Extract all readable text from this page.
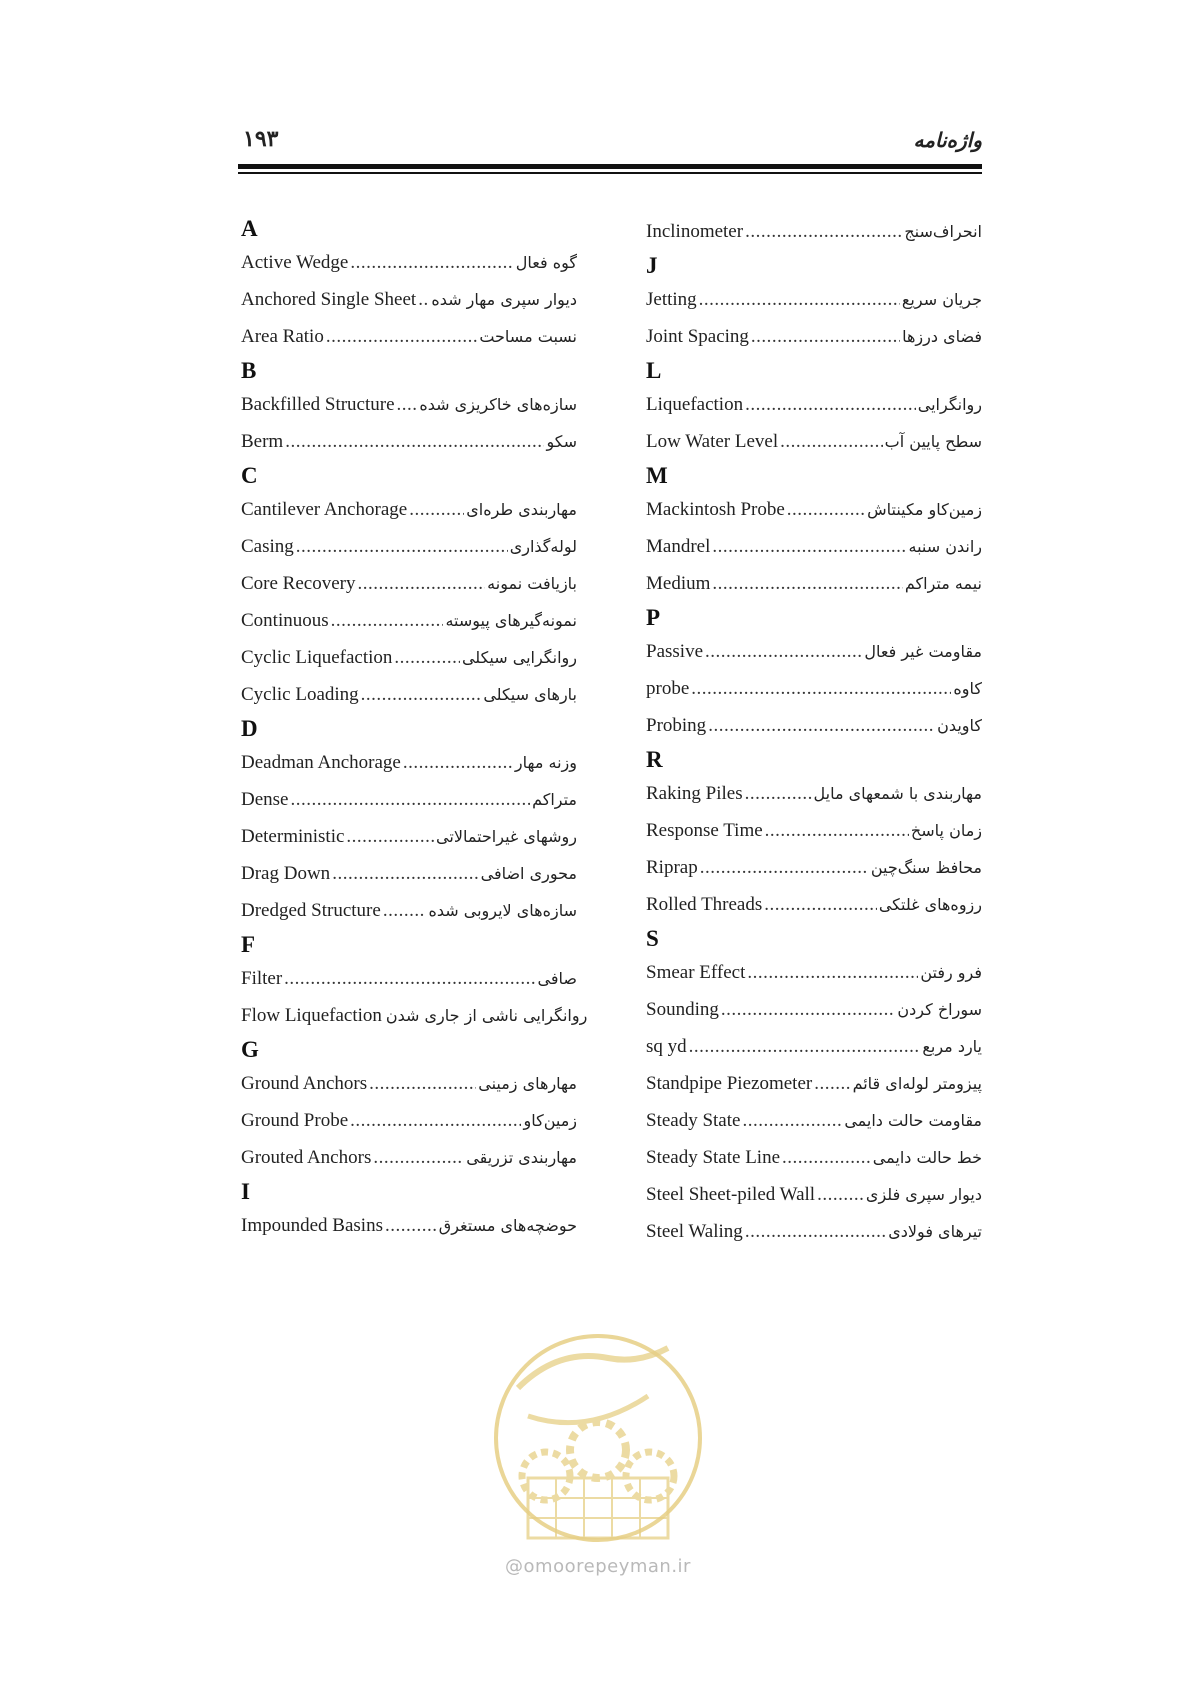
۱۹۳	واژه‌نامه
A
Active Wedge .....	گوه فعال
Anchored Single Sheet ..... دیوار سپری مهار شده
Area Ratio .....	نسبت مساحت
B
Backfilled Structure ..... سازه‌های خاکریزی شده
Berm .....	سکو
C
Cantilever Anchorage .....	مهاربندی طره‌ای
Casing .....	لوله‌گذاری
Core Recovery .....	بازیافت نمونه
Continuous .....	نمونه‌گیرهای پیوسته
Cyclic Liquefaction .....	روانگرایی سیکلی
Cyclic Loading .....	بارهای سیکلی
D
Deadman Anchorage .....	وزنه مهار
Dense .....	متراکم
Deterministic .....	روشهای غیراحتمالاتی
Drag Down .....	محوری اضافی
Dredged Structure .....	سازه‌های لایروبی شده
F
Filter .....	صافی
Flow Liquefaction روانگرایی ناشی از جاری شدن
G
Ground Anchors .....	مهارهای زمینی
Ground Probe .....	زمین‌کاو
Grouted Anchors .....	مهاربندی تزریقی
I
Impounded Basins .....	حوضچه‌های مستغرق
Inclinometer .....	انحراف‌سنج
J
Jetting .....	جریان سریع
Joint Spacing .....	فضای درزها
L
Liquefaction .....	روانگرایی
Low Water Level .....	سطح پایین آب
M
Mackintosh Probe .....	زمین‌کاو مکینتاش
Mandrel .....	راندن سنبه
Medium .....	نیمه متراکم
P
Passive .....	مقاومت غیر فعال
probe .....	کاوه
Probing .....	کاویدن
R
Raking Piles .....	مهاربندی با شمعهای مایل
Response Time .....	زمان پاسخ
Riprap .....	محافظ سنگ‌چین
Rolled Threads .....	رزوه‌های غلتکی
S
Smear Effect .....	فرو رفتن
Sounding .....	سوراخ کردن
sq yd .....	یارد مربع
Standpipe Piezometer .....	پیزومتر لوله‌ای قائم
Steady State .....	مقاومت حالت دایمی
Steady State Line .....	خط حالت دایمی
Steel Sheet-piled Wall .....	دیوار سپری فلزی
Steel Waling .....	تیرهای فولادی
@omoorepeyman.ir
